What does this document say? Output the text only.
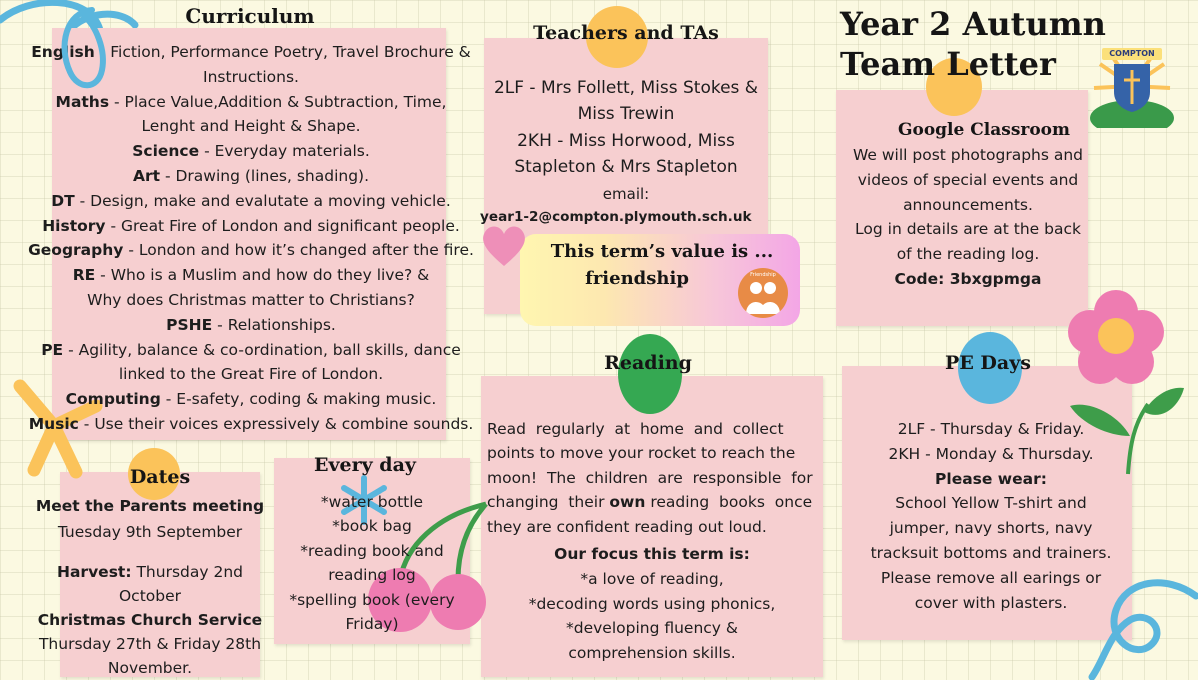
Curriculum
English - Fiction, Performance Poetry, Travel Brochure &
Instructions.
Maths - Place Value,Addition & Subtraction, Time,
Lenght and Height & Shape.
Science - Everyday materials.
Art - Drawing (lines, shading).
DT - Design, make and evalutate a moving vehicle.
History - Great Fire of London and significant people.
Geography - London and how it’s changed after the fire.
RE - Who is a Muslim and how do they live? &
Why does Christmas matter to Christians?
PSHE - Relationships.
PE - Agility, balance & co-ordination, ball skills, dance
linked to the Great Fire of London.
Computing - E-safety, coding & making music.
Music - Use their voices expressively & combine sounds.
Teachers and TAs
2LF - Mrs Follett, Miss Stokes &
Miss Trewin
2KH - Miss Horwood, Miss
Stapleton & Mrs Stapleton
email:
year1-2@compton.plymouth.sch.uk
This term’s value is ...
friendship	Friendship
Year 2 Autumn
Team Letter	COMPTON
Google Classroom
We will post photographs and
videos of special events and
announcements.
Log in details are at the back
of the reading log.
Code: 3bxgpmga
Reading
Read  regularly  at  home  and  collect
points to move your rocket to reach the
moon!  The  children  are  responsible  for
changing  their own reading  books  once
they are confident reading out loud.
Our focus this term is:
*a love of reading,
*decoding words using phonics,
*developing fluency &
comprehension skills.
PE Days
2LF - Thursday & Friday.
2KH - Monday & Thursday.
Please wear:
School Yellow T-shirt and
jumper, navy shorts, navy
tracksuit bottoms and trainers.
Please remove all earings or
cover with plasters.
Dates
Meet the Parents meeting
Tuesday 9th September
Harvest: Thursday 2nd
October
Christmas Church Service
Thursday 27th & Friday 28th
November.
Every day
*water bottle
*book bag
*reading book and
reading log
*spelling book (every
Friday)
